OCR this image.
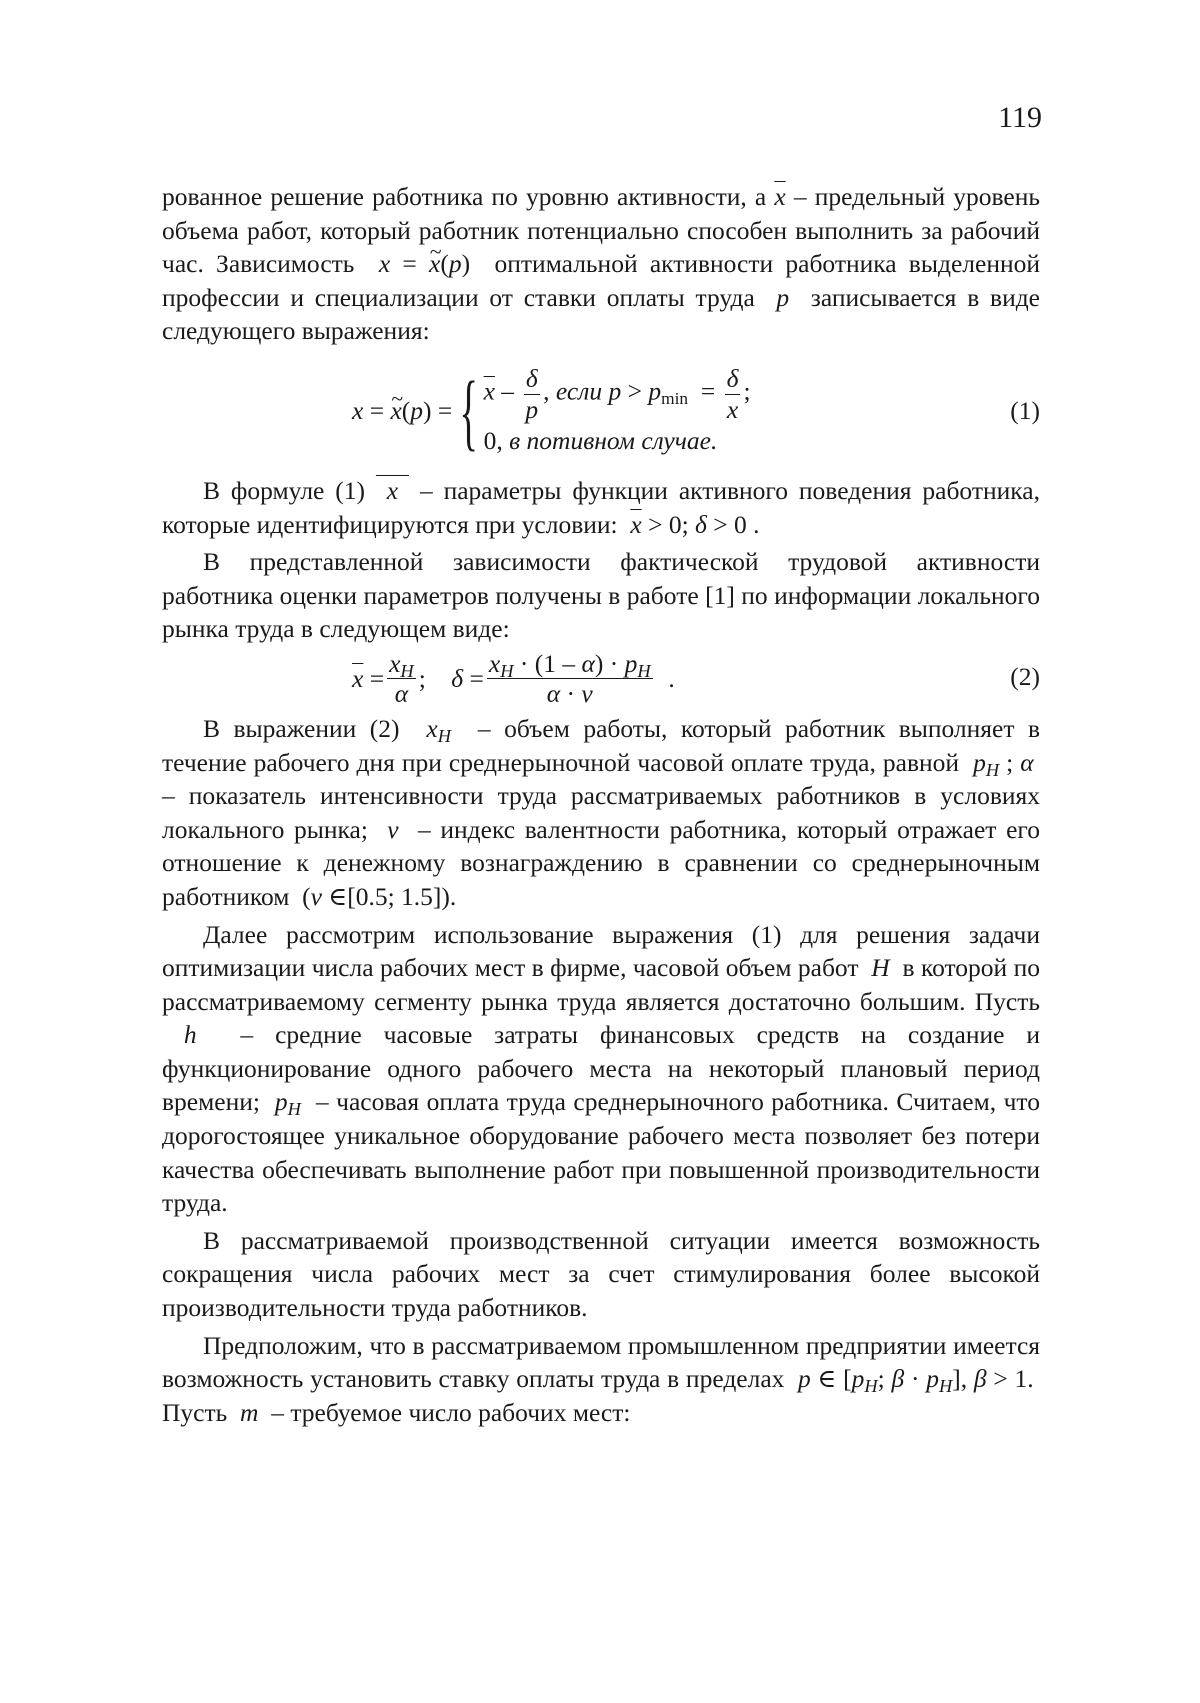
119

рованное решение работника по уровню активности, а $\overline{x}$ – предельный уровень объема работ, который работник потенциально способен выполнить за рабочий час. Зависимость x = ~ x(p)  оптимальной активности работника выделенной профессии и специализации от ставки оплаты труда  p  записывается в виде следующего выражения:

x = ~ x(p) = { $\overline{x} - \frac{\delta}{p}$ , если $p > pmin = \frac{\delta}{x}$ ;
0, в потивном случае.
(1)

В формуле (1)  x  – параметры функции активного поведения работника, которые идентифицируются при условии: $\overline{x} > 0$; δ > 0 .

В представленной зависимости фактической трудовой активности работника оценки параметров получены в работе [1] по информации локального рынка труда в следующем виде:

$\overline{x} = \frac{x_H}{\alpha}$ ; $\delta = \frac{x_H \cdot (1 - \alpha) \cdot p_H}{\alpha \cdot v}$ .	(2)

В выражении (2) $x_H$ – объем работы, который работник выполняет в течение рабочего дня при среднерыночной часовой оплате труда, равной $p_H$ ; α  – показатель интенсивности труда рассматриваемых работников в условиях локального рынка;  v  – индекс валентности работника, который отражает его отношение к денежному вознаграждению в сравнении со среднерыночным работником  (v ∈[0.5; 1.5]).

Далее рассмотрим использование выражения (1) для решения задачи оптимизации числа рабочих мест в фирме, часовой объем работ  H  в которой по рассматриваемому сегменту рынка труда является достаточно большим. Пусть  h  – средние часовые затраты финансовых средств на создание и функционирование одного рабочего места на некоторый плановый период времени; $p_H$ – часовая оплата труда среднерыночного работника. Считаем, что дорогостоящее уникальное оборудование рабочего места позволяет без потери качества обеспечивать выполнение работ при повышенной производительности труда.

В рассматриваемой производственной ситуации имеется возможность сокращения числа рабочих мест за счет стимулирования более высокой производительности труда работников.

Предположим, что в рассматриваемом промышленном предприятии имеется возможность установить ставку оплаты труда в пределах p ∈ [$p_H$; $\beta \cdot p_H$], β > 1.  Пусть  m  – требуемое число рабочих мест:
